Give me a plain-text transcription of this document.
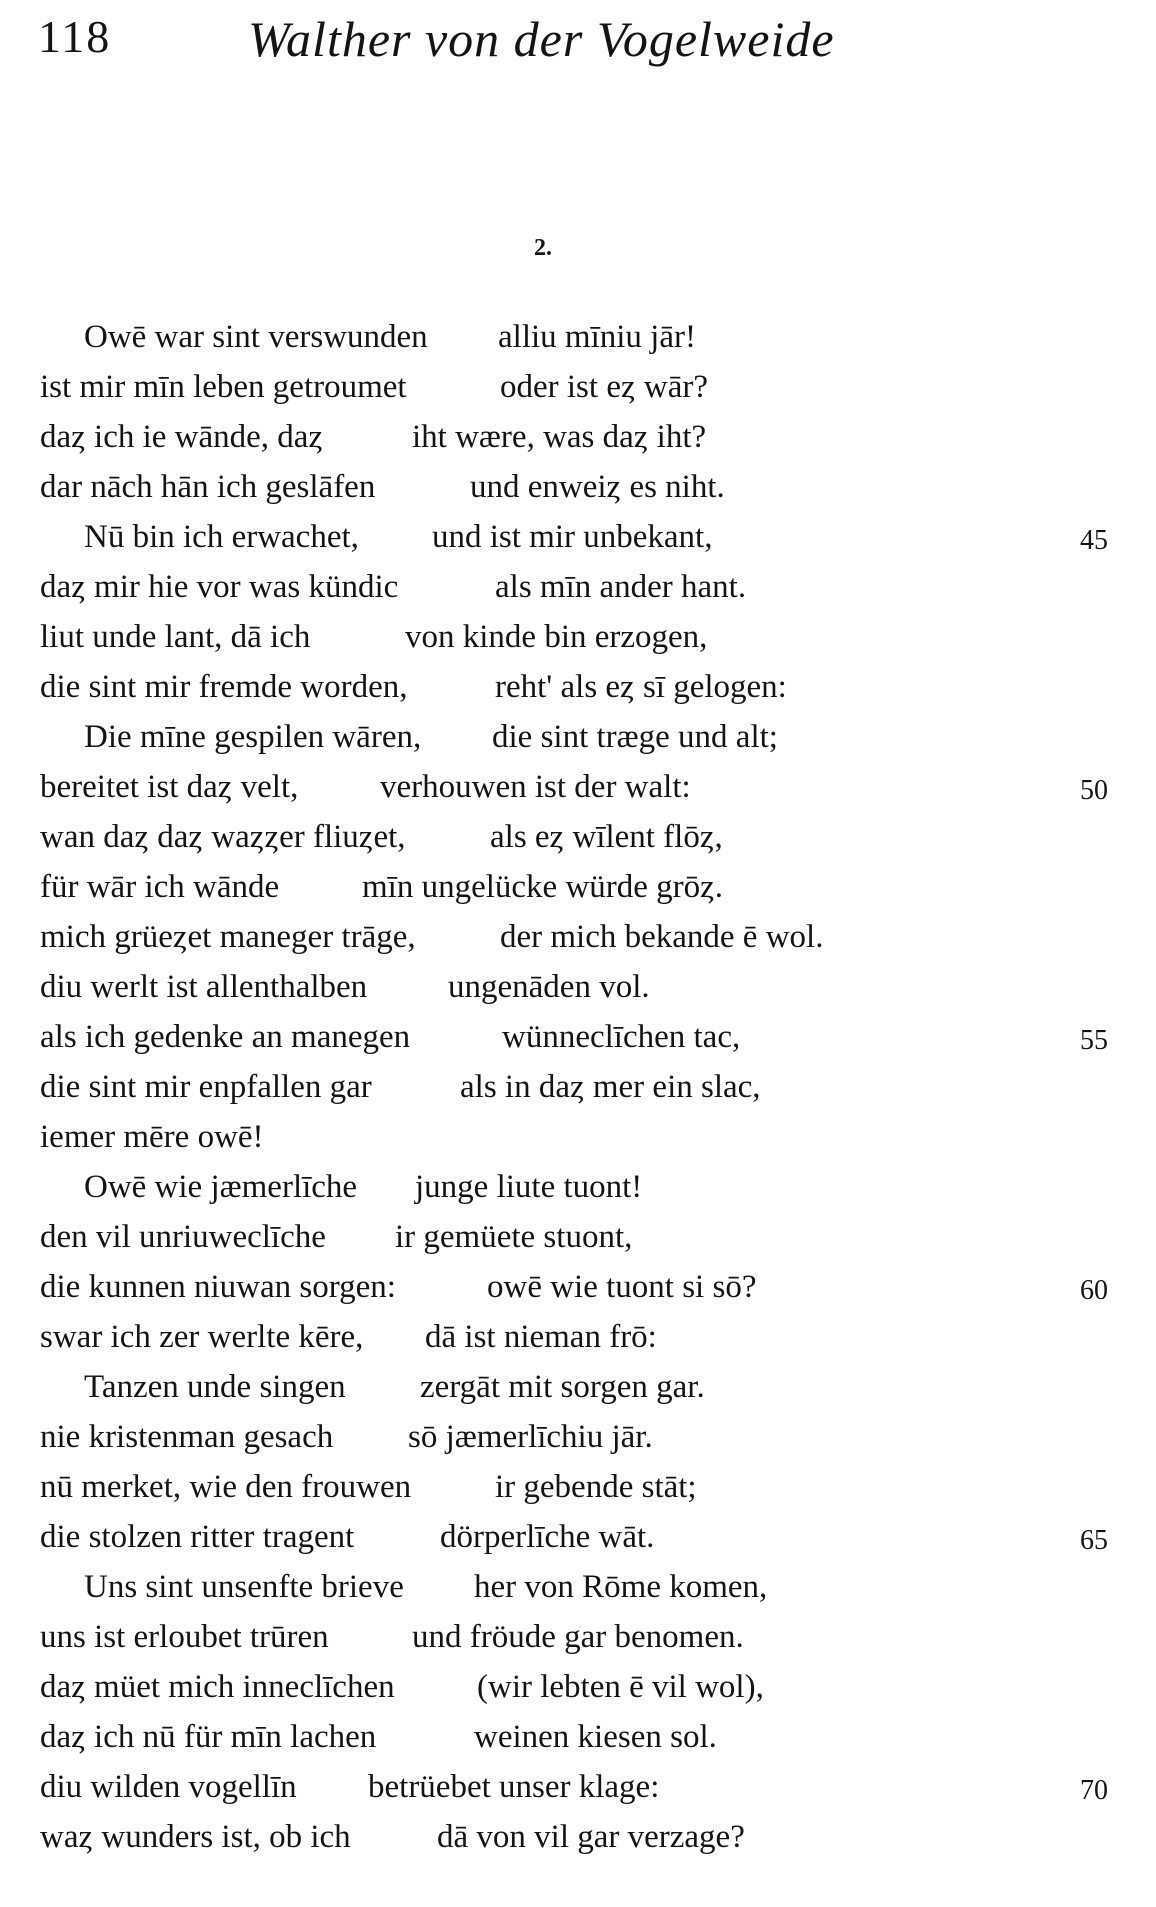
118	Walther von der Vogelweide
2.
Owē war sint verswunden alliu mīniu jār!
ist mir mīn leben getroumet	oder ist eȥ wār?
daȥ ich ie wānde, daȥ	iht wære, was daȥ iht?
dar nāch hān ich geslāfen	und enweiȥ es niht.
Nū bin ich erwachet, und ist mir unbekant,	45
daȥ mir hie vor was kündic	als mīn ander hant.
liut unde lant, dā ich	von kinde bin erzogen,
die sint mir fremde worden,	reht' als eȥ sī gelogen:
Die mīne gespilen wāren, die sint træge und alt;
bereitet ist daȥ velt, verhouwen ist der walt:	50
wan daȥ daȥ waȥȥer fliuȥet,	als eȥ wīlent flōȥ,
für wār ich wānde	mīn ungelücke würde grōȥ.
mich grüeȥet maneger trāge,	der mich bekande ē wol.
diu werlt ist allenthalben ungenāden vol.
als ich gedenke an manegen	wünneclīchen tac,	55
die sint mir enpfallen gar	als in daȥ mer ein slac,
iemer mēre owē!
Owē wie jæmerlīche junge liute tuont!
den vil unriuweclīche ir gemüete stuont,
die kunnen niuwan sorgen:	owē wie tuont si sō?	60
swar ich zer werlte kēre, dā ist nieman frō:
Tanzen unde singen zergāt mit sorgen gar.
nie kristenman gesach sō jæmerlīchiu jār.
nū merket, wie den frouwen	ir gebende stāt;
die stolzen ritter tragent	dörperlīche wāt.	65
Uns sint unsenfte brieve her von Rōme komen,
uns ist erloubet trūren	und fröude gar benomen.
daȥ müet mich inneclīchen (wir lebten ē vil wol),
daȥ ich nū für mīn lachen	weinen kiesen sol.
diu wilden vogellīn betrüebet unser klage:	70
waȥ wunders ist, ob ich	dā von vil gar verzage?
